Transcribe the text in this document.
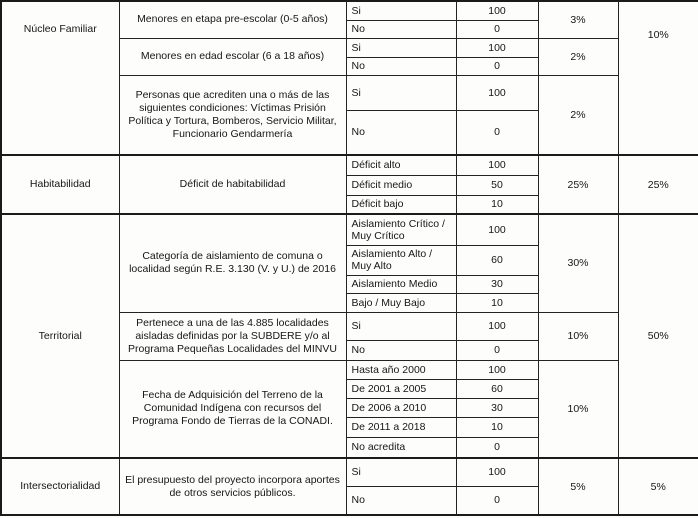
Núcleo Familiar	Menores en etapa pre-escolar (0-5 años)	Si	100	3%	10%
		No	0		
	Menores en edad escolar (6 a 18 años)	Si	100	2%	
		No	0		
	Personas que acrediten una o más de las siguientes condiciones: Víctimas Prisión Política y Tortura, Bomberos, Servicio Militar, Funcionario Gendarmería	Si	100	2%	
		No	0		
Habitabilidad	Déficit de habitabilidad	Déficit alto	100	25%	25%
		Déficit medio	50		
		Déficit bajo	10		
Territorial	Categoría de aislamiento de comuna o localidad según R.E. 3.130 (V. y U.) de 2016	Aislamiento Crítico / Muy Crítico	100	30%	50%
		Aislamiento Alto / Muy Alto	60		
		Aislamiento Medio	30		
		Bajo / Muy Bajo	10		
	Pertenece a una de las 4.885 localidades aisladas definidas por la SUBDERE y/o al Programa Pequeñas Localidades del MINVU	Si	100	10%	
		No	0		
	Fecha de Adquisición del Terreno de la Comunidad Indígena con recursos del Programa Fondo de Tierras de la CONADI.	Hasta año 2000	100	10%	
		De 2001 a 2005	60		
		De 2006 a 2010	30		
		De 2011 a 2018	10		
		No acredita	0		
Intersectorialidad	El presupuesto del proyecto incorpora aportes de otros servicios públicos.	Si	100	5%	5%
		No	0		
